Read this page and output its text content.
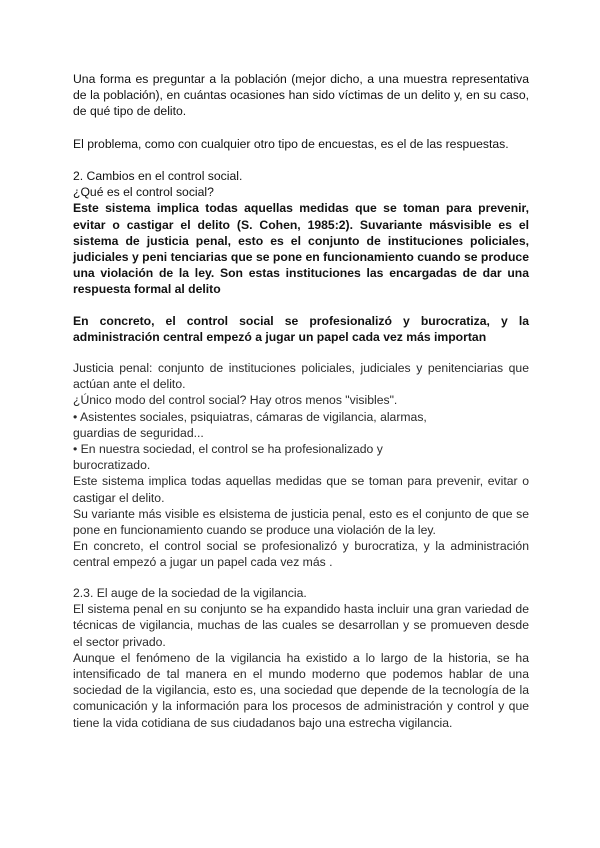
Una forma es preguntar a la población (mejor dicho, a una muestra representativa de la población), en cuántas ocasiones han sido víctimas de un delito y, en su caso, de qué tipo de delito.

El problema, como con cualquier otro tipo de encuestas, es el de las respuestas.

2. Cambios en el control social.

¿Qué es el control social?

Este sistema implica todas aquellas medidas que se toman para prevenir, evitar o castigar el delito (S. Cohen, 1985:2). Suvariante másvisible es el sistema de justicia penal, esto es el conjunto de instituciones policiales, judiciales y peni tenciarias que se pone en funcionamiento cuando se produce una violación de la ley. Son estas instituciones las encargadas de dar una respuesta formal al delito

En concreto, el control social se profesionalizó y burocratiza, y la administración central empezó a jugar un papel cada vez más importan

Justicia penal: conjunto de instituciones policiales, judiciales y penitenciarias que actúan ante el delito.

¿Único modo del control social? Hay otros menos "visibles".

• Asistentes sociales, psiquiatras, cámaras de vigilancia, alarmas,

guardias de seguridad...

• En nuestra sociedad, el control se ha profesionalizado y

burocratizado.

Este sistema implica todas aquellas medidas que se toman para prevenir, evitar o castigar el delito.

Su variante más visible es elsistema de justicia penal, esto es el conjunto de que se pone en funcionamiento cuando se produce una violación de la ley.

En concreto, el control social se profesionalizó y burocratiza, y la administración central empezó a jugar un papel cada vez más .

2.3. El auge de la sociedad de la vigilancia.

El sistema penal en su conjunto se ha expandido hasta incluir una gran variedad de técnicas de vigilancia, muchas de las cuales se desarrollan y se promueven desde el sector privado.

Aunque el fenómeno de la vigilancia ha existido a lo largo de la historia, se ha intensificado de tal manera en el mundo moderno que podemos hablar de una sociedad de la vigilancia, esto es, una sociedad que depende de la tecnología de la comunicación y la información para los procesos de administración y control y que tiene la vida cotidiana de sus ciudadanos bajo una estrecha vigilancia.
